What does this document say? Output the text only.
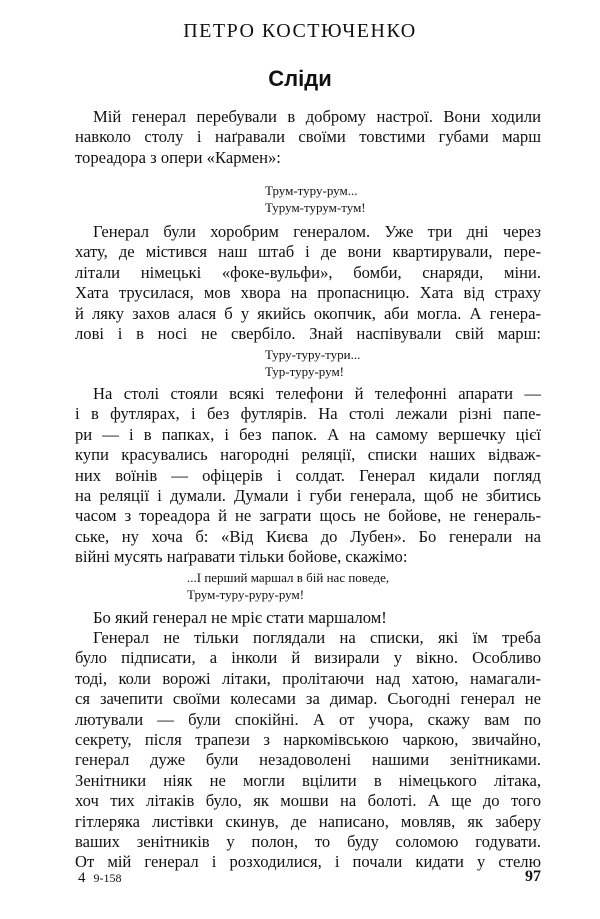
ПЕТРО КОСТЮЧЕНКО
Сліди

Мій генерал перебували в доброму настрої. Вони ходили
навколо столу і наґравали своїми товстими губами марш
тореадора з опери «Кармен»:

Трум-туру-рум...
Турум-турум-тум!

Генерал були хоробрим генералом. Уже три дні через
хату, де містився наш штаб і де вони квартирували, пере-
літали німецькі «фоке-вульфи», бомби, снаряди, міни.
Хата трусилася, мов хвора на пропасницю. Хата від страху
й ляку захов алася б у якийсь окопчик, аби могла. А генера-
лові і в носі не свербіло. Знай наспівували свій марш:

Туру-туру-тури...
Тур-туру-рум!

На столі стояли всякі телефони й телефонні апарати —
і в футлярах, і без футлярів. На столі лежали різні папе-
ри — і в папках, і без папок. А на самому вершечку цієї
купи красувались нагородні реляції, списки наших відваж-
них воїнів — офіцерів і солдат. Генерал кидали погляд
на реляції і думали. Думали і губи генерала, щоб не збитись
часом з тореадора й не заграти щось не бойове, не генераль-
ське, ну хоча б: «Від Києва до Лубен». Бо генерали на
війні мусять наґравати тільки бойове, скажімо:

...І перший маршал в бій нас поведе,
Трум-туру-руру-рум!

Бо який генерал не мріє стати маршалом!

Генерал не тільки поглядали на списки, які їм треба
було підписати, а інколи й визирали у вікно. Особливо
тоді, коли ворожі літаки, пролітаючи над хатою, намагали-
ся зачепити своїми колесами за димар. Сьогодні генерал не
лютували — були спокійні. А от учора, скажу вам по
секрету, після трапези з наркомівською чаркою, звичайно,
генерал дуже були незадоволені нашими зенітниками.
Зенітники ніяк не могли вцілити в німецького літака,
хоч тих літаків було, як мошви на болоті. А ще до того
гітлеряка листівки скинув, де написано, мовляв, як заберу
ваших зенітників у полон, то буду соломою годувати.
От мій генерал і розходилися, і почали кидати у стелю

4 9-158	97
